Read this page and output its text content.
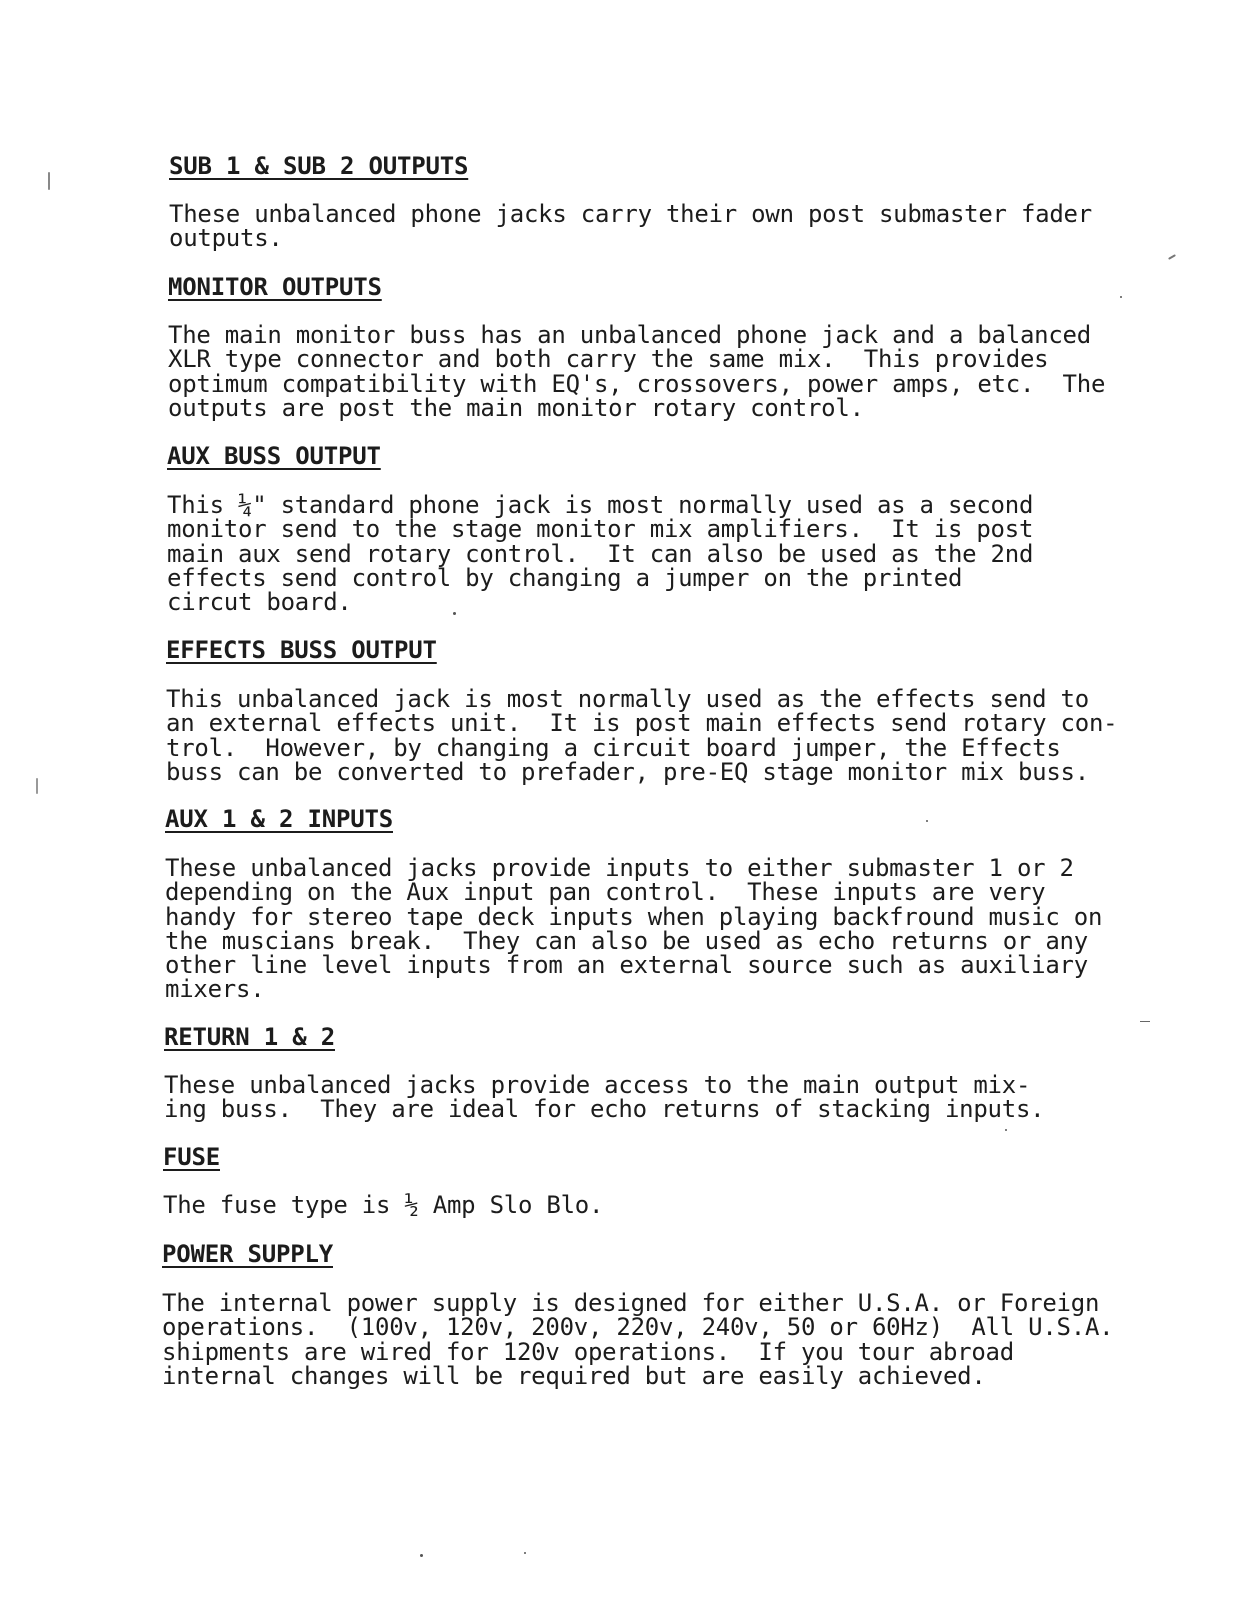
SUB 1 & SUB 2 OUTPUTS

These unbalanced phone jacks carry their own post submaster fader
outputs.

MONITOR OUTPUTS

The main monitor buss has an unbalanced phone jack and a balanced
XLR type connector and both carry the same mix.  This provides
optimum compatibility with EQ's, crossovers, power amps, etc.  The
outputs are post the main monitor rotary control.

AUX BUSS OUTPUT

This ¼" standard phone jack is most normally used as a second
monitor send to the stage monitor mix amplifiers.  It is post
main aux send rotary control.  It can also be used as the 2nd
effects send control by changing a jumper on the printed
circut board.

EFFECTS BUSS OUTPUT

This unbalanced jack is most normally used as the effects send to
an external effects unit.  It is post main effects send rotary con-
trol.  However, by changing a circuit board jumper, the Effects
buss can be converted to prefader, pre-EQ stage monitor mix buss.

AUX 1 & 2 INPUTS

These unbalanced jacks provide inputs to either submaster 1 or 2
depending on the Aux input pan control.  These inputs are very
handy for stereo tape deck inputs when playing backfround music on
the muscians break.  They can also be used as echo returns or any
other line level inputs from an external source such as auxiliary
mixers.

RETURN 1 & 2

These unbalanced jacks provide access to the main output mix-
ing buss.  They are ideal for echo returns of stacking inputs.

FUSE

The fuse type is ½ Amp Slo Blo.

POWER SUPPLY

The internal power supply is designed for either U.S.A. or Foreign
operations.  (100v, 120v, 200v, 220v, 240v, 50 or 60Hz)  All U.S.A.
shipments are wired for 120v operations.  If you tour abroad
internal changes will be required but are easily achieved.
